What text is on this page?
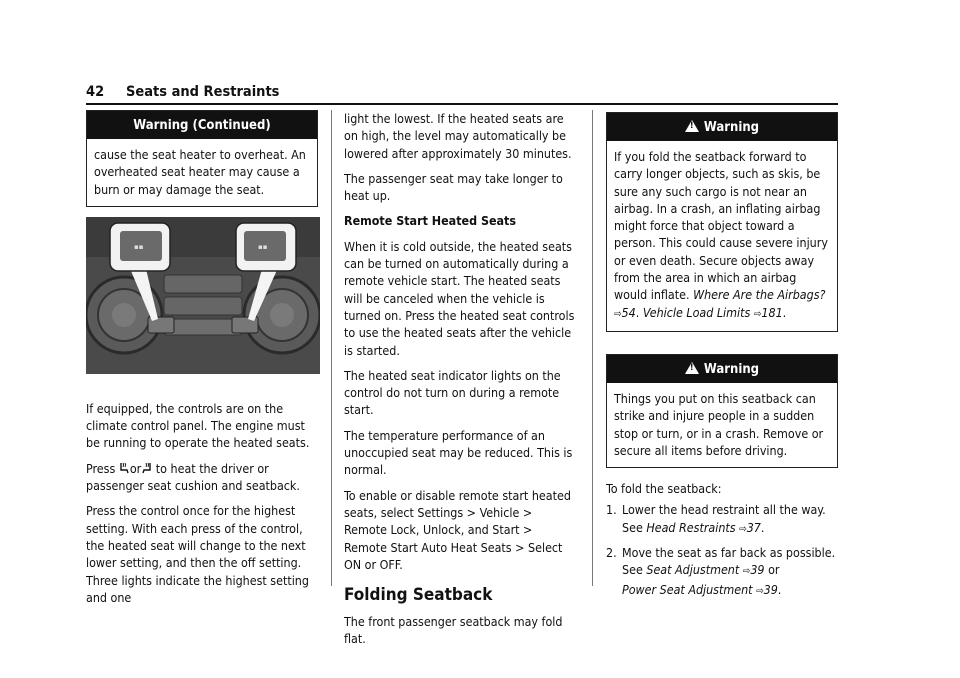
42 Seats and Restraints
Warning (Continued)

cause the seat heater to overheat. An overheated seat heater may cause a burn or may damage the seat.

▪▪	▪▪

If equipped, the controls are on the climate control panel. The engine must be running to operate the heated seats.

Press or to heat the driver or passenger seat cushion and seatback.

Press the control once for the highest setting. With each press of the control, the heated seat will change to the next lower setting, and then the off setting. Three lights indicate the highest setting and one

light the lowest. If the heated seats are on high, the level may automatically be lowered after approximately 30 minutes.

The passenger seat may take longer to heat up.

Remote Start Heated Seats

When it is cold outside, the heated seats can be turned on automatically during a remote vehicle start. The heated seats will be canceled when the vehicle is turned on. Press the heated seat controls to use the heated seats after the vehicle is started.

The heated seat indicator lights on the control do not turn on during a remote start.

The temperature performance of an unoccupied seat may be reduced. This is normal.

To enable or disable remote start heated seats, select Settings > Vehicle > Remote Lock, Unlock, and Start > Remote Start Auto Heat Seats > Select ON or OFF.

Folding Seatback

The front passenger seatback may fold flat.

!Warning

If you fold the seatback forward to carry longer objects, such as skis, be sure any such cargo is not near an airbag. In a crash, an inflating airbag might force that object toward a person. This could cause severe injury or even death. Secure objects away from the area in which an airbag would inflate. Where Are the Airbags? ⇨54. Vehicle Load Limits ⇨181.

!Warning

Things you put on this seatback can strike and injure people in a sudden stop or turn, or in a crash. Remove or secure all items before driving.

To fold the seatback:

1. Lower the head restraint all the way. See Head Restraints ⇨37.
2. Move the seat as far back as possible. See Seat Adjustment ⇨39 or
Power Seat Adjustment ⇨39.
